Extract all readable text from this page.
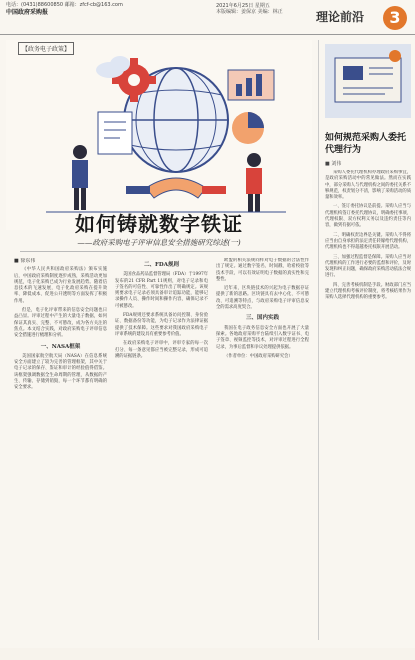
电话：(0431)88600850 邮箱：zfcf-cb@163.com
中国政府采购报
2021年6月25日 星期五
本版编辑：姜保京 美编：林正	理论前沿	3
【政务电子政策】
如何铸就数字铁证
——政府采购电子评审信息安全措施研究综述(一)
■ 徐东伟

《中华人民共和国政府采购法》颁布实施后，中国政府采购制度逐步成熟，采购活动更加规范，电子化采购已成为行业发展趋势。随着信息技术的飞速发展，电子化政府采购在提升效率、降低成本、促进公开透明等方面发挥了积极作用。

但是，电子化评审带来的信息安全问题也日益凸显。评审过程中产生的大量电子数据，如何保证其真实、完整、不可篡改，成为各方关注的焦点。本文结合实践，对政府采购电子评审信息安全措施进行梳理和分析。

一、NASA框架

美国国家航空航天局（NASA）在信息系统安全方面建立了较为完善的管理框架，其中关于电子记录的保存、鉴证和审计的经验值得借鉴。该框架强调数据全生命周期的管理，从数据的产生、传输、存储到销毁，每一个环节都有明确的安全要求。

二、FDA规则

美国食品药品监督管理局（FDA）于1997年发布的21 CFR Part 11规则，对电子记录和电子签名的可信性、可靠性作出了明确规定。该规则要求电子记录必须具备审计追踪功能，能够记录操作人员、操作时间和操作内容，确保记录不可被篡改。

FDA规则还要求系统具备访问控制、身份验证、数据备份等功能，为电子记录作为法律证据提供了技术保障。这些要求对我国政府采购电子评审系统的建设具有重要参考价值。

在政府采购电子评审中，评审专家的每一次打分、每一条意见都应当被完整记录，形成可追溯的证据链条。

欧盟的相关法规同样对电子数据的合法性作出了规定。通过数字签名、时间戳、哈希校验等技术手段，可以有效证明电子数据的真实性和完整性。

近年来，区块链技术的兴起为电子数据存证提供了新的思路。区块链具有去中心化、不可篡改、可追溯等特点，与政府采购电子评审信息安全的需求高度契合。

三、国内实践

我国在电子政务信息安全方面也开展了大量探索。各地政府采购平台陆续引入数字证书、电子签章、视频监控等技术，对评审过程进行全程记录，为事后监督和争议处理提供依据。

（作者单位：中国政府采购研究会）

如何规范采购人委托代理行为
■ 刘伟

采购人委托代理机构办理政府采购事宜，是政府采购活动中的常见做法。然而在实践中，部分采购人与代理机构之间的委托关系不够规范，权责划分不清，影响了采购活动的质量和效率。

一、签订委托协议是前提。采购人应当与代理机构签订委托代理协议，明确委托事项、代理权限、双方权利义务以及违约责任等内容，做到有据可依。

二、明确权责边界是关键。采购人不得将应当由自身承担的法定责任转嫁给代理机构，代理机构也不得超越委托权限开展活动。

三、加强过程监督是保障。采购人应当对代理机构的工作进行必要的监督和评价，及时发现和纠正问题，确保政府采购活动依法合规进行。

四、完善考核机制是手段。财政部门应当建立代理机构考核评价制度，将考核结果作为采购人选择代理机构的重要参考。
